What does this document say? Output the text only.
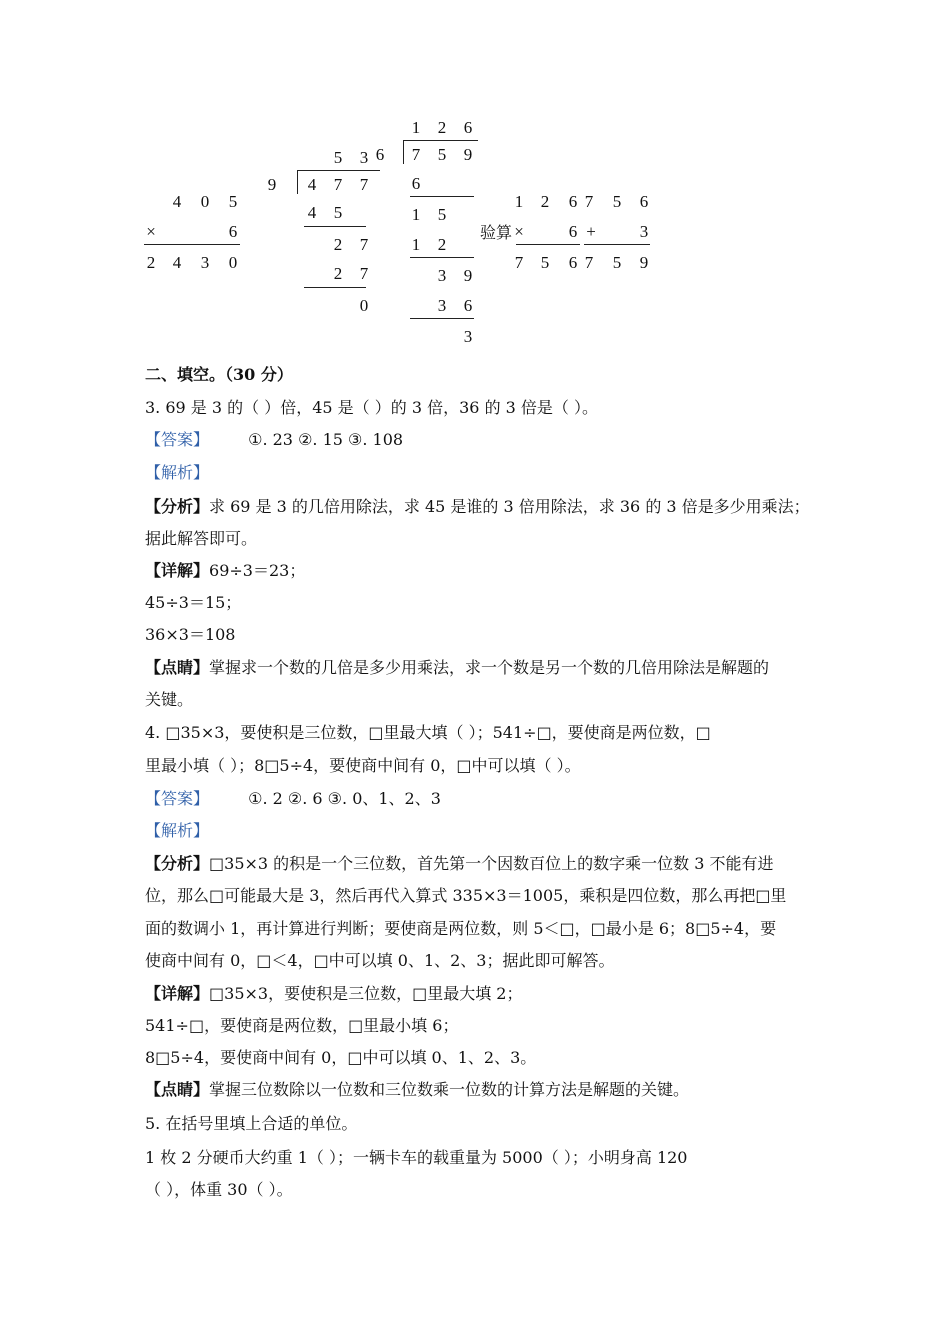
4 0 5
×	6
2 4 3 0
5 3
9 4 7 7
4 5
2 7
2 7
0
1 2 6
6 7 5 9
6
1 5
1 2
3 9
3 6
3
验算
1 2 6
×	6
7 5 6
7 5 6
+	3
7 5 9
二、填空。（30 分）
3. 69 是 3 的（ ）倍，45 是（ ）的 3 倍，36 的 3 倍是（ ）。
【答案】 ①. 23 ②. 15 ③. 108
【解析】
【分析】求 69 是 3 的几倍用除法，求 45 是谁的 3 倍用除法，求 36 的 3 倍是多少用乘法；
据此解答即可。
【详解】69÷3＝23；
45÷3＝15；
36×3＝108
【点睛】掌握求一个数的几倍是多少用乘法，求一个数是另一个数的几倍用除法是解题的
关键。
4. □35×3，要使积是三位数，□里最大填（ ）；541÷□，要使商是两位数，□
里最小填（ ）；8□5÷4，要使商中间有 0，□中可以填（ ）。
【答案】 ①. 2 ②. 6 ③. 0、1、2、3
【解析】
【分析】□35×3 的积是一个三位数，首先第一个因数百位上的数字乘一位数 3 不能有进
位，那么□可能最大是 3，然后再代入算式 335×3＝1005，乘积是四位数，那么再把□里
面的数调小 1，再计算进行判断；要使商是两位数，则 5＜□，□最小是 6；8□5÷4，要
使商中间有 0，□＜4，□中可以填 0、1、2、3；据此即可解答。
【详解】□35×3，要使积是三位数，□里最大填 2；
541÷□，要使商是两位数，□里最小填 6；
8□5÷4，要使商中间有 0，□中可以填 0、1、2、3。
【点睛】掌握三位数除以一位数和三位数乘一位数的计算方法是解题的关键。
5. 在括号里填上合适的单位。
1 枚 2 分硬币大约重 1（ ）；一辆卡车的载重量为 5000（ ）；小明身高 120
（ ），体重 30（ ）。
